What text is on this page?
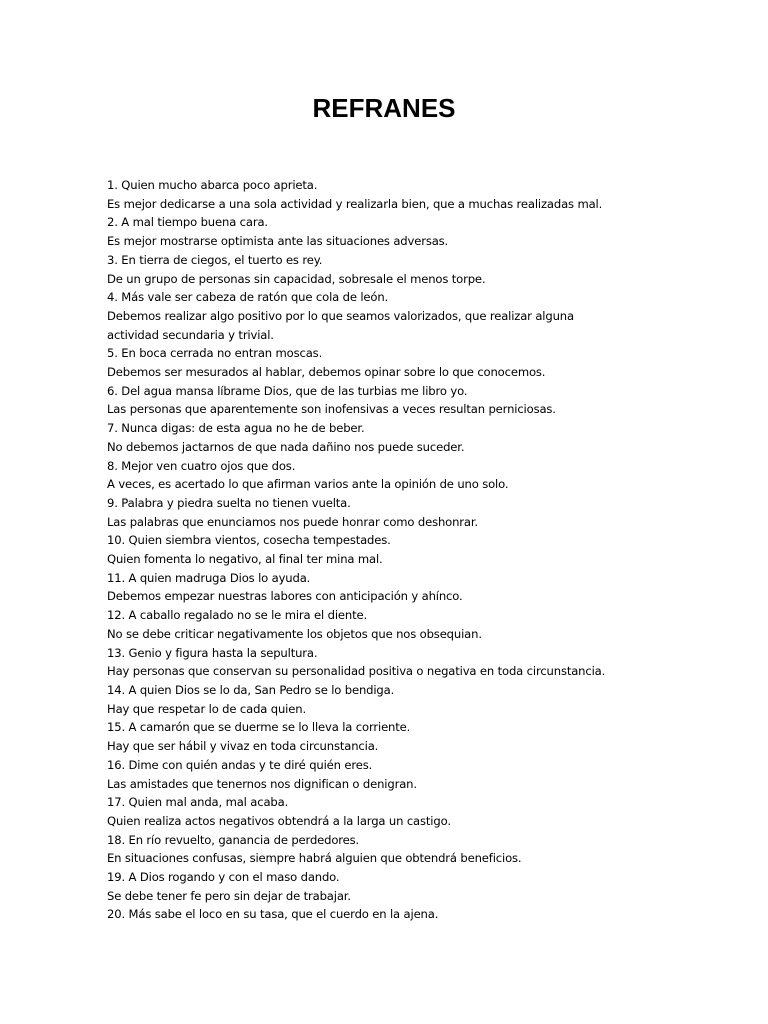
REFRANES
1. Quien mucho abarca poco aprieta.
Es mejor dedicarse a una sola actividad y realizarla bien, que a muchas realizadas mal.
2. A mal tiempo buena cara.
Es mejor mostrarse optimista ante las situaciones adversas.
3. En tierra de ciegos, el tuerto es rey.
De un grupo de personas sin capacidad, sobresale el menos torpe.
4. Más vale ser cabeza de ratón que cola de león.
Debemos realizar algo positivo por lo que seamos valorizados, que realizar alguna actividad secundaria y trivial.
5. En boca cerrada no entran moscas.
Debemos ser mesurados al hablar, debemos opinar sobre lo que conocemos.
6. Del agua mansa líbrame Dios, que de las turbias me libro yo.
Las personas que aparentemente son inofensivas a veces resultan perniciosas.
7. Nunca digas: de esta agua no he de beber.
No debemos jactarnos de que nada dañino nos puede suceder.
8. Mejor ven cuatro ojos que dos.
A veces, es acertado lo que afirman varios ante la opinión de uno solo.
9. Palabra y piedra suelta no tienen vuelta.
Las palabras que enunciamos nos puede honrar como deshonrar.
10. Quien siembra vientos, cosecha tempestades.
Quien fomenta lo negativo, al final ter mina mal.
11. A quien madruga Dios lo ayuda.
Debemos empezar nuestras labores con anticipación y ahínco.
12. A caballo regalado no se le mira el diente.
No se debe criticar negativamente los objetos que nos obsequian.
13. Genio y figura hasta la sepultura.
Hay personas que conservan su personalidad positiva o negativa en toda circunstancia.
14. A quien Dios se lo da, San Pedro se lo bendiga.
Hay que respetar lo de cada quien.
15. A camarón que se duerme se lo lleva la corriente.
Hay que ser hábil y vivaz en toda circunstancia.
16. Dime con quién andas y te diré quién eres.
Las amistades que tenernos nos dignifican o denigran.
17. Quien mal anda, mal acaba.
Quien realiza actos negativos obtendrá a la larga un castigo.
18. En río revuelto, ganancia de perdedores.
En situaciones confusas, siempre habrá alguien que obtendrá beneficios.
19. A Dios rogando y con el maso dando.
Se debe tener fe pero sin dejar de trabajar.
20. Más sabe el loco en su tasa, que el cuerdo en la ajena.
